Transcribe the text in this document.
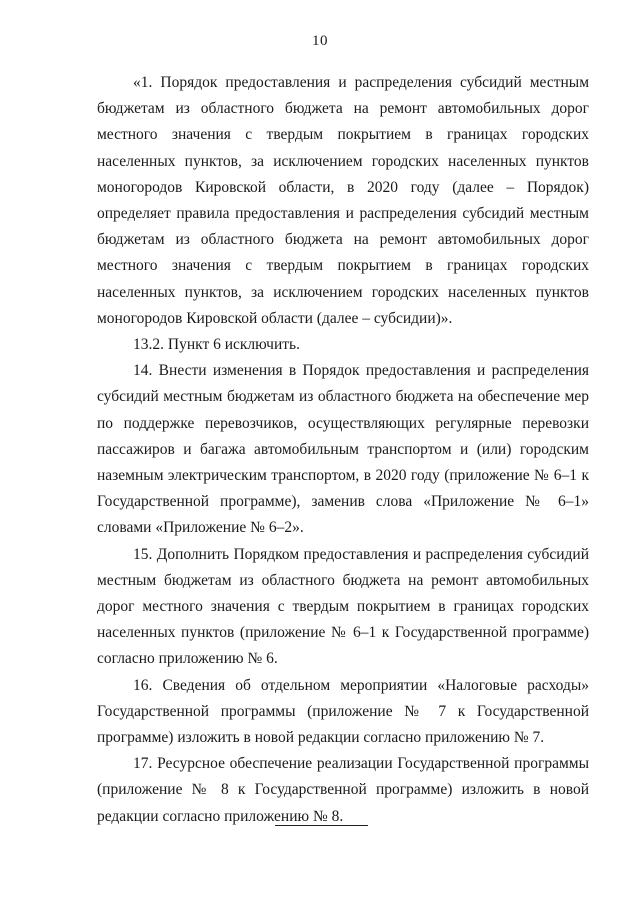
10

«1. Порядок предоставления и распределения субсидий местным бюджетам из областного бюджета на ремонт автомобильных дорог местного значения с твердым покрытием в границах городских населенных пунктов, за исключением городских населенных пунктов моногородов Кировской области, в 2020 году (далее – Порядок) определяет правила предоставления и распределения субсидий местным бюджетам из областного бюджета на ремонт автомобильных дорог местного значения с твердым покрытием в границах городских населенных пунктов, за исключением городских населенных пунктов моногородов Кировской области (далее – субсидии)».

13.2. Пункт 6 исключить.

14. Внести изменения в Порядок предоставления и распределения субсидий местным бюджетам из областного бюджета на обеспечение мер по поддержке перевозчиков, осуществляющих регулярные перевозки пассажиров и багажа автомобильным транспортом и (или) городским наземным электрическим транспортом, в 2020 году (приложение № 6–1 к Государственной программе), заменив слова «Приложение № 6–1» словами «Приложение № 6–2».

15. Дополнить Порядком предоставления и распределения субсидий местным бюджетам из областного бюджета на ремонт автомобильных дорог местного значения с твердым покрытием в границах городских населенных пунктов (приложение № 6–1 к Государственной программе) согласно приложению № 6.

16. Сведения об отдельном мероприятии «Налоговые расходы» Государственной программы (приложение № 7 к Государственной программе) изложить в новой редакции согласно приложению № 7.

17. Ресурсное обеспечение реализации Государственной программы (приложение № 8 к Государственной программе) изложить в новой редакции согласно приложению № 8.
